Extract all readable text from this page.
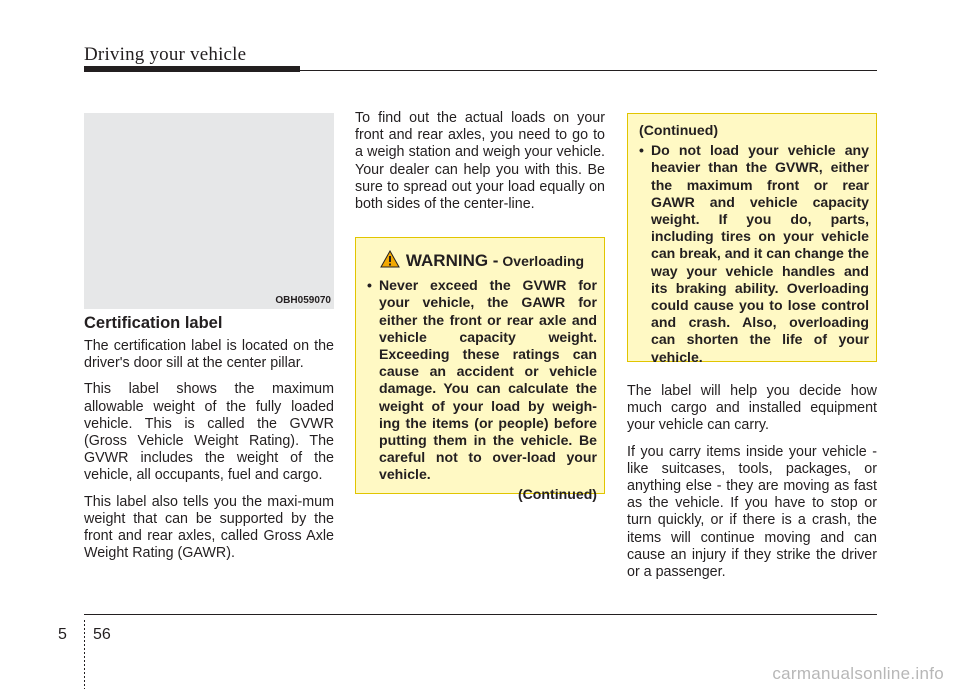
Driving your vehicle
OBH059070
Certification label

The certification label is located on the driver's door sill at the center pillar.

This label shows the maximum allowable weight of the fully loaded vehicle. This is called the GVWR (Gross Vehicle Weight Rating). The GVWR includes the weight of the vehicle, all occupants, fuel and cargo.

This label also tells you the maxi-mum weight that can be supported by the front and rear axles, called Gross Axle Weight Rating (GAWR).

To find out the actual loads on your front and rear axles, you need to go to a weigh station and weigh your vehicle. Your dealer can help you with this. Be sure to spread out your load equally on both sides of the center-line.

WARNING - Overloading
• Never exceed the GVWR for your vehicle, the GAWR for either the front or rear axle and vehicle capacity weight. Exceeding these ratings can cause an accident or vehicle damage. You can calculate the weight of your load by weigh-ing the items (or people) before putting them in the vehicle. Be careful not to over-load your vehicle.
(Continued)
(Continued)
• Do not load your vehicle any heavier than the GVWR, either the maximum front or rear GAWR and vehicle capacity weight. If you do, parts, including tires on your vehicle can break, and it can change the way your vehicle handles and its braking ability. Overloading could cause you to lose control and crash. Also, overloading can shorten the life of your vehicle.

The label will help you decide how much cargo and installed equipment your vehicle can carry.

If you carry items inside your vehicle - like suitcases, tools, packages, or anything else - they are moving as fast as the vehicle. If you have to stop or turn quickly, or if there is a crash, the items will continue moving and can cause an injury if they strike the driver or a passenger.

5 56
carmanualsonline.info
